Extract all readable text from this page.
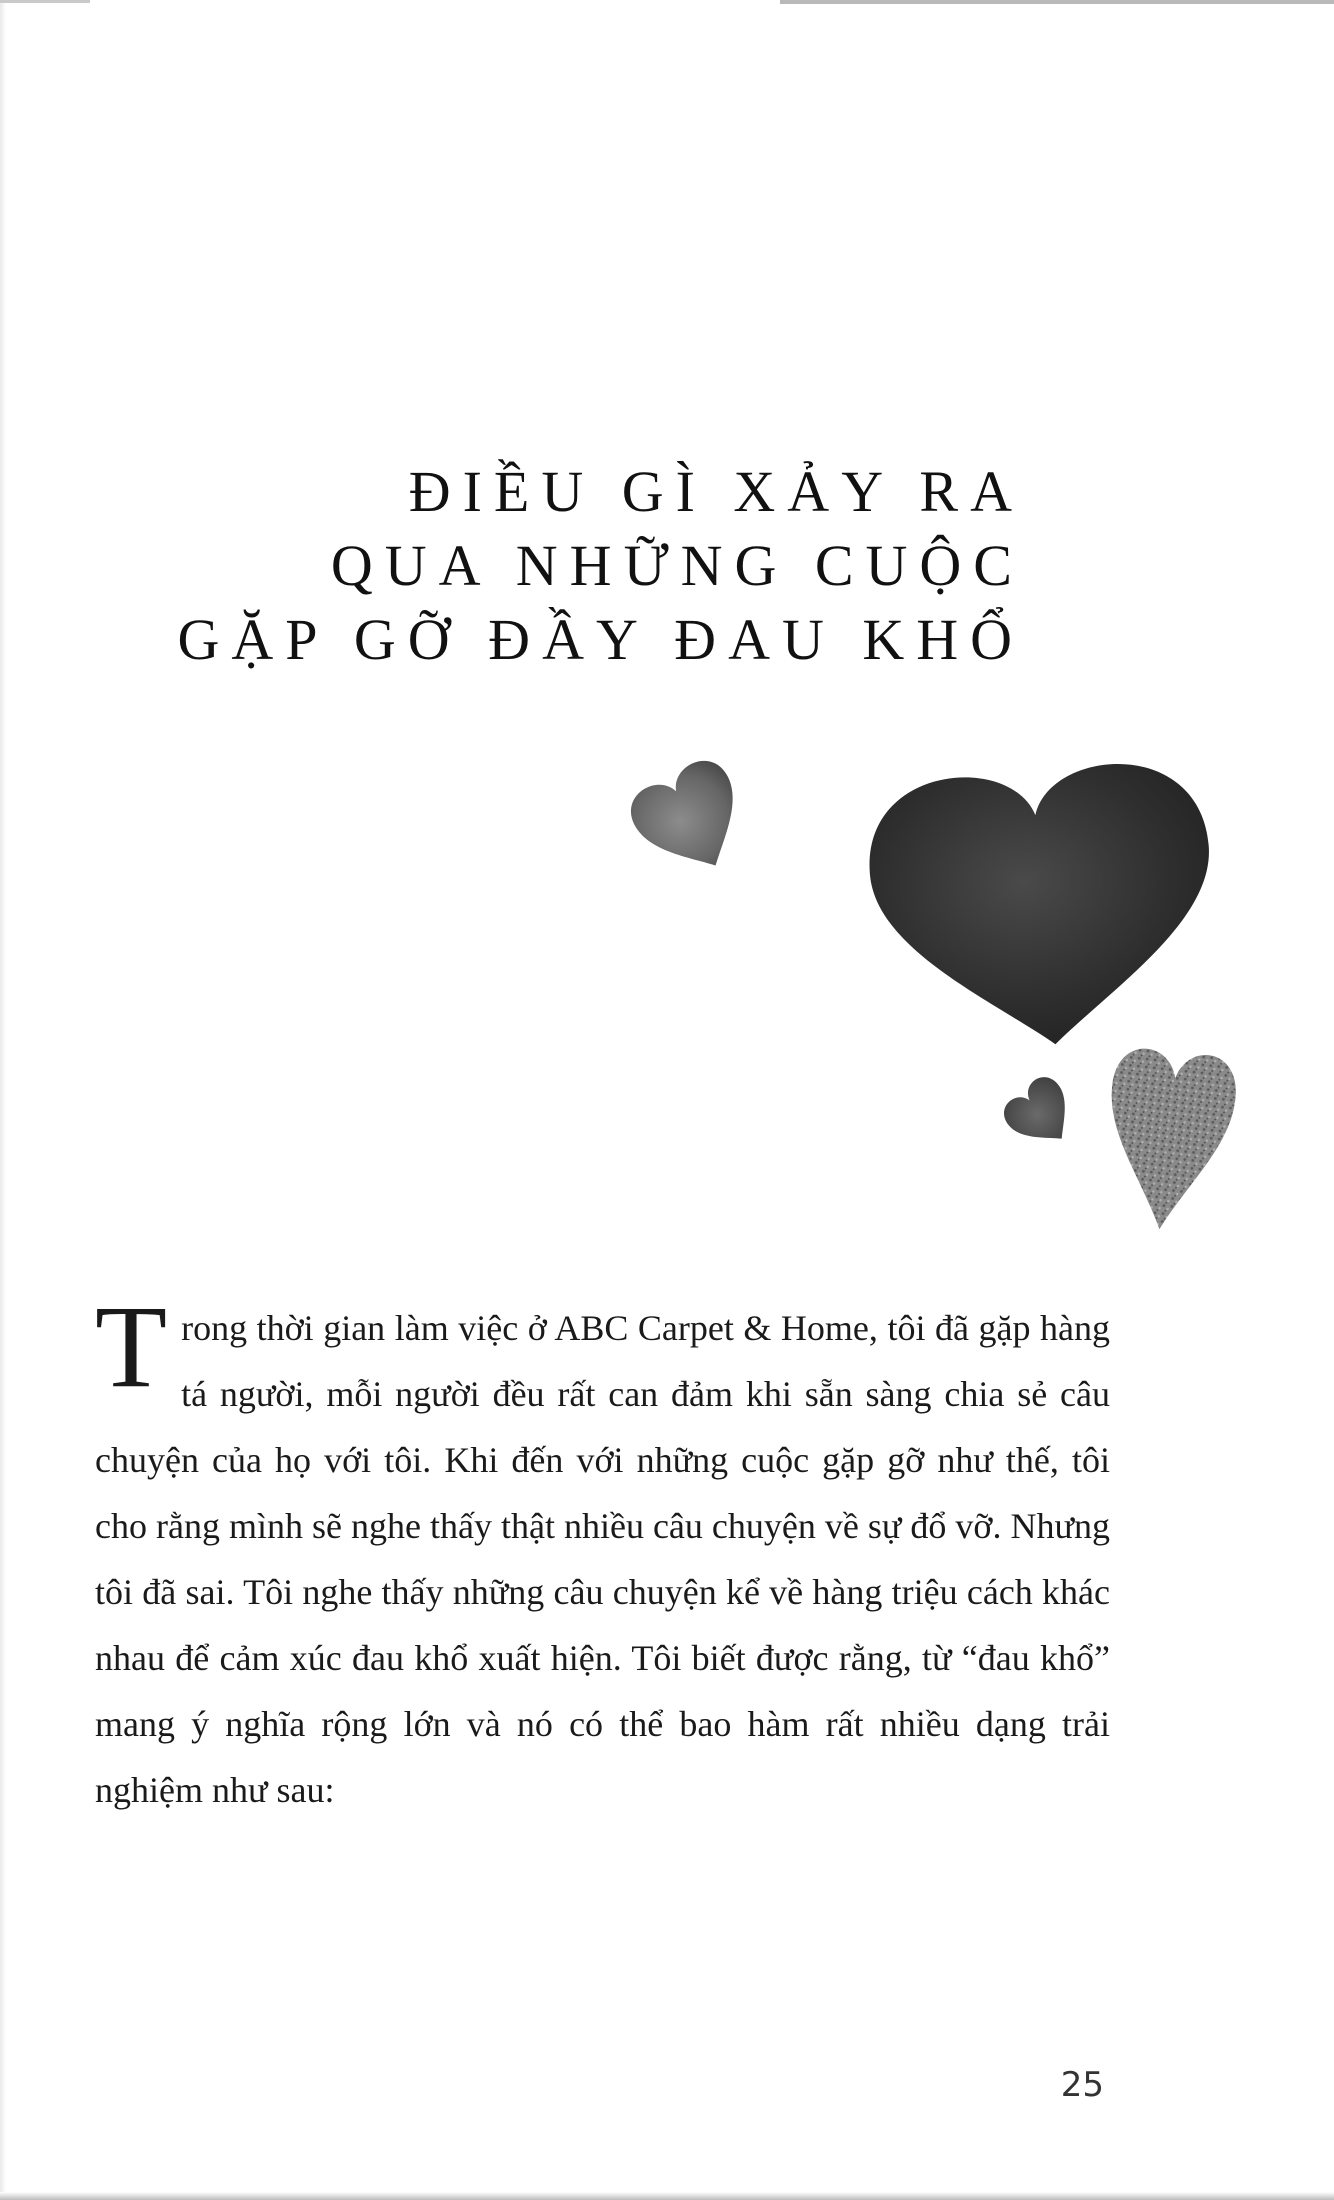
ĐIỀU GÌ XẢY RA
QUA NHỮNG CUỘC
GẶP GỠ ĐẦY ĐAU KHỔ

Trong thời gian làm việc ở ABC Carpet & Home, tôi đã gặp hàng tá người, mỗi người đều rất can đảm khi sẵn sàng chia sẻ câu chuyện của họ với tôi. Khi đến với những cuộc gặp gỡ như thế, tôi cho rằng mình sẽ nghe thấy thật nhiều câu chuyện về sự đổ vỡ. Nhưng tôi đã sai. Tôi nghe thấy những câu chuyện kể về hàng triệu cách khác nhau để cảm xúc đau khổ xuất hiện. Tôi biết được rằng, từ “đau khổ” mang ý nghĩa rộng lớn và nó có thể bao hàm rất nhiều dạng trải nghiệm như sau:

25
